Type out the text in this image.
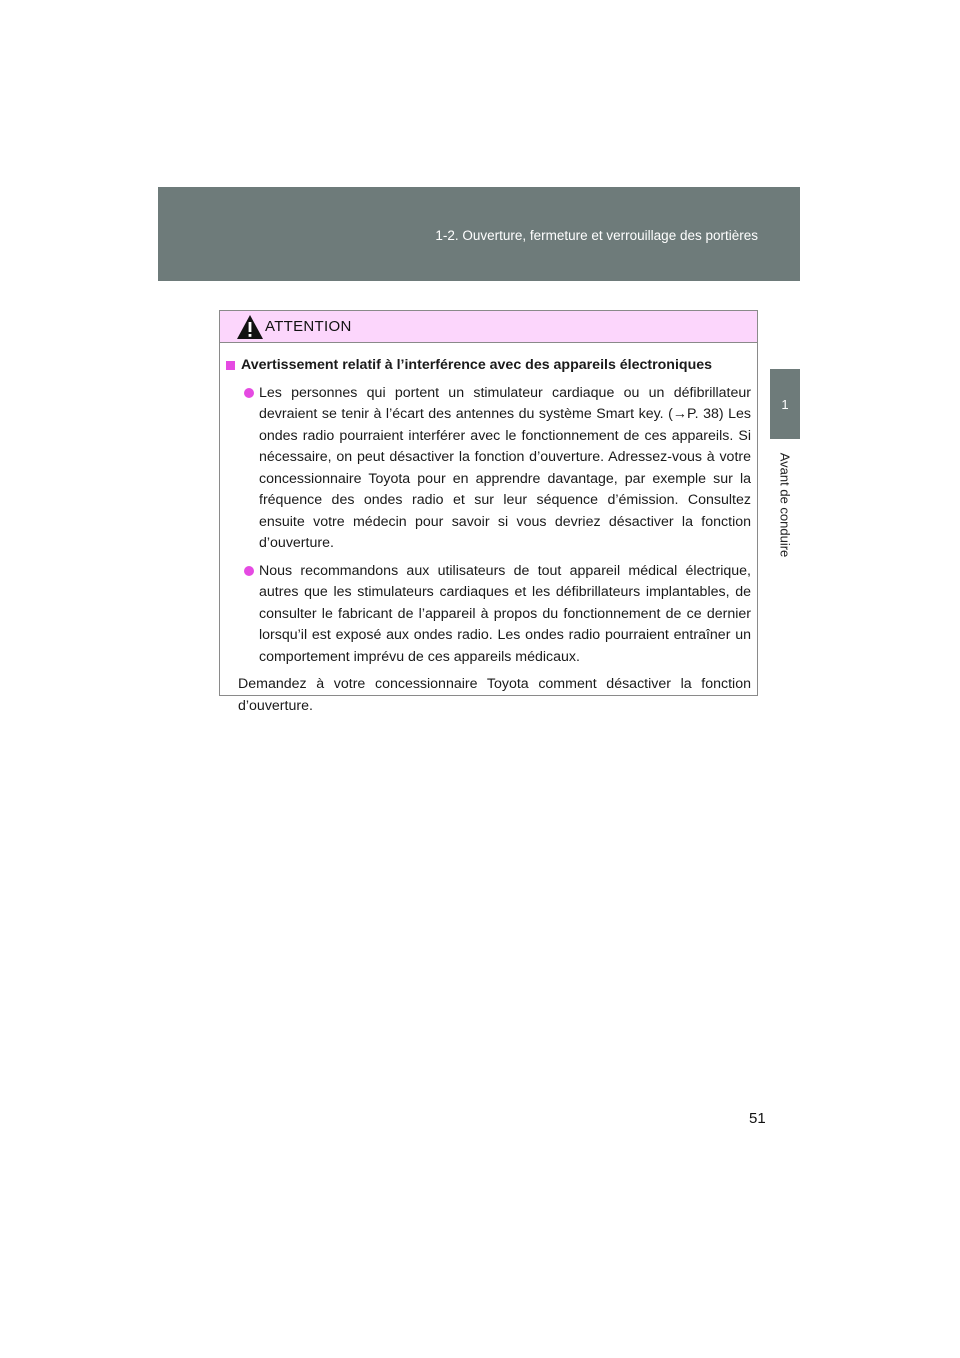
1-2. Ouverture, fermeture et verrouillage des portières
1
Avant de conduire
ATTENTION
Avertissement relatif à l’interférence avec des appareils électroniques
Les personnes qui portent un stimulateur cardiaque ou un défibrillateur devraient se tenir à l’écart des antennes du système Smart key. (→P. 38) Les ondes radio pourraient interférer avec le fonctionnement de ces appareils. Si nécessaire, on peut désactiver la fonction d’ouverture. Adressez-vous à votre concessionnaire Toyota pour en apprendre davantage, par exemple sur la fréquence des ondes radio et sur leur séquence d’émission. Consultez ensuite votre médecin pour savoir si vous devriez désactiver la fonction d’ouverture.
Nous recommandons aux utilisateurs de tout appareil médical électrique, autres que les stimulateurs cardiaques et les défibrillateurs implantables, de consulter le fabricant de l’appareil à propos du fonctionnement de ce dernier lorsqu’il est exposé aux ondes radio. Les ondes radio pourraient entraîner un comportement imprévu de ces appareils médicaux.
Demandez à votre concessionnaire Toyota comment désactiver la fonction d’ouverture.
51
